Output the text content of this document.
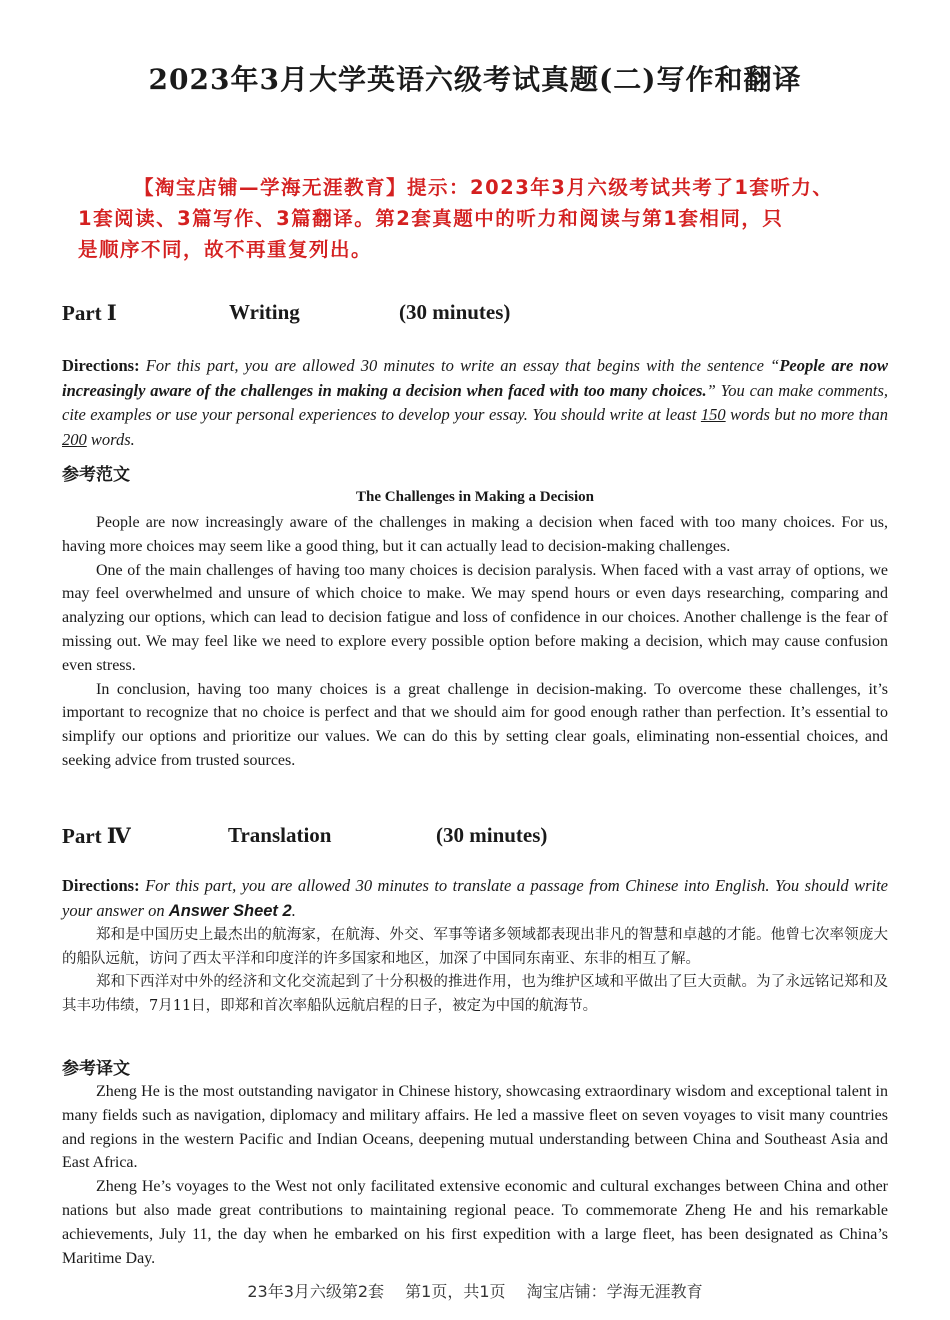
2023年3月大学英语六级考试真题(二)写作和翻译
【淘宝店铺—学海无涯教育】提示：2023年3月六级考试共考了1套听力、
1套阅读、3篇写作、3篇翻译。第2套真题中的听力和阅读与第1套相同，只
是顺序不同，故不再重复列出。
Part Ⅰ	Writing	(30 minutes)
Directions: For this part, you are allowed 30 minutes to write an essay that begins with the sentence “People are now increasingly aware of the challenges in making a decision when faced with too many choices.” You can make comments, cite examples or use your personal experiences to develop your essay. You should write at least 150 words but no more than 200 words.
参考范文
The Challenges in Making a Decision

People are now increasingly aware of the challenges in making a decision when faced with too many choices. For us, having more choices may seem like a good thing, but it can actually lead to decision-making challenges.

One of the main challenges of having too many choices is decision paralysis. When faced with a vast array of options, we may feel overwhelmed and unsure of which choice to make. We may spend hours or even days researching, comparing and analyzing our options, which can lead to decision fatigue and loss of confidence in our choices. Another challenge is the fear of missing out. We may feel like we need to explore every possible option before making a decision, which may cause confusion even stress.

In conclusion, having too many choices is a great challenge in decision-making. To overcome these challenges, it’s important to recognize that no choice is perfect and that we should aim for good enough rather than perfection. It’s essential to simplify our options and prioritize our values. We can do this by setting clear goals, eliminating non-essential choices, and seeking advice from trusted sources.

Part Ⅳ	Translation	(30 minutes)
Directions: For this part, you are allowed 30 minutes to translate a passage from Chinese into English. You should write your answer on Answer Sheet 2.

郑和是中国历史上最杰出的航海家，在航海、外交、军事等诸多领域都表现出非凡的智慧和卓越的才能。他曾七次率领庞大的船队远航，访问了西太平洋和印度洋的许多国家和地区，加深了中国同东南亚、东非的相互了解。

郑和下西洋对中外的经济和文化交流起到了十分积极的推进作用，也为维护区域和平做出了巨大贡献。为了永远铭记郑和及其丰功伟绩，7月11日，即郑和首次率船队远航启程的日子，被定为中国的航海节。

参考译文

Zheng He is the most outstanding navigator in Chinese history, showcasing extraordinary wisdom and exceptional talent in many fields such as navigation, diplomacy and military affairs. He led a massive fleet on seven voyages to visit many countries and regions in the western Pacific and Indian Oceans, deepening mutual understanding between China and Southeast Asia and East Africa.

Zheng He’s voyages to the West not only facilitated extensive economic and cultural exchanges between China and other nations but also made great contributions to maintaining regional peace. To commemorate Zheng He and his remarkable achievements, July 11, the day when he embarked on his first expedition with a large fleet, has been designated as China’s Maritime Day.

23年3月六级第2套 第1页，共1页 淘宝店铺：学海无涯教育
